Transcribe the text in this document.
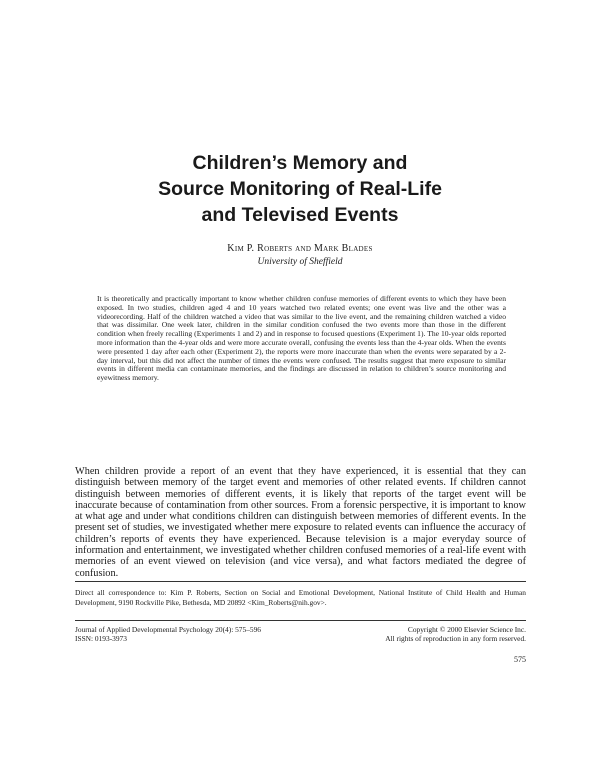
Children’s Memory and
Source Monitoring of Real-Life
and Televised Events
Kim P. Roberts and Mark Blades
University of Sheffield

It is theoretically and practically important to know whether children confuse memories of different events to which they have been exposed. In two studies, children aged 4 and 10 years watched two related events; one event was live and the other was a videorecording. Half of the children watched a video that was similar to the live event, and the remaining children watched a video that was dissimilar. One week later, children in the similar condition confused the two events more than those in the different condition when freely recalling (Experiments 1 and 2) and in response to focused questions (Experiment 1). The 10-year olds reported more information than the 4-year olds and were more accurate overall, confusing the events less than the 4-year olds. When the events were presented 1 day after each other (Experiment 2), the reports were more inaccurate than when the events were separated by a 2-day interval, but this did not affect the number of times the events were confused. The results suggest that mere exposure to similar events in different media can contaminate memories, and the findings are discussed in relation to children’s source monitoring and eyewitness memory.

When children provide a report of an event that they have experienced, it is essential that they can distinguish between memory of the target event and memories of other related events. If children cannot distinguish between memories of different events, it is likely that reports of the target event will be inaccurate because of contamination from other sources. From a forensic perspective, it is important to know at what age and under what conditions children can distinguish between memories of different events. In the present set of studies, we investigated whether mere exposure to related events can influence the accuracy of children’s reports of events they have experienced. Because television is a major everyday source of information and entertainment, we investigated whether children confused memories of a real-life event with memories of an event viewed on television (and vice versa), and what factors mediated the degree of confusion.

Direct all correspondence to: Kim P. Roberts, Section on Social and Emotional Development, National Institute of Child Health and Human Development, 9190 Rockville Pike, Bethesda, MD 20892 <Kim_Roberts@nih.gov>.

Journal of Applied Developmental Psychology 20(4): 575–596	Copyright © 2000 Elsevier Science Inc.
ISSN: 0193-3973	All rights of reproduction in any form reserved.
575
